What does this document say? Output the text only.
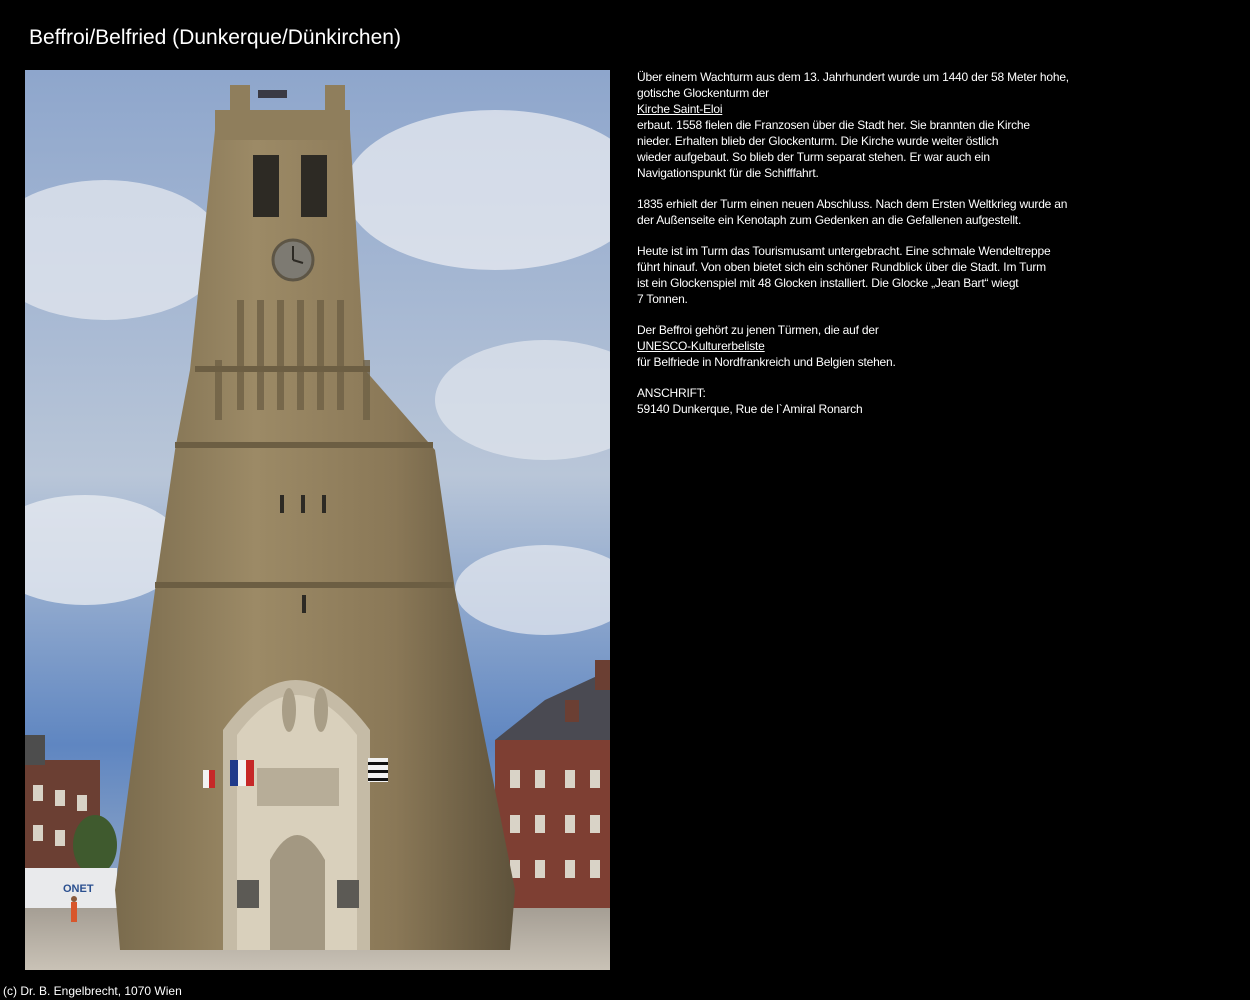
Beffroi/Belfried (Dunkerque/Dünkirchen)
ONET

Über einem Wachturm aus dem 13. Jahrhundert wurde um 1440 der 58 Meter hohe,
gotische Glockenturm der
Kirche Saint-Eloi
erbaut. 1558 fielen die Franzosen über die Stadt her. Sie brannten die Kirche
nieder. Erhalten blieb der Glockenturm. Die Kirche wurde weiter östlich
wieder aufgebaut. So blieb der Turm separat stehen. Er war auch ein
Navigationspunkt für die Schifffahrt.

1835 erhielt der Turm einen neuen Abschluss. Nach dem Ersten Weltkrieg wurde an
der Außenseite ein Kenotaph zum Gedenken an die Gefallenen aufgestellt.

Heute ist im Turm das Tourismusamt untergebracht. Eine schmale Wendeltreppe
führt hinauf. Von oben bietet sich ein schöner Rundblick über die Stadt. Im Turm
ist ein Glockenspiel mit 48 Glocken installiert. Die Glocke „Jean Bart“ wiegt
7 Tonnen.

Der Beffroi gehört zu jenen Türmen, die auf der
UNESCO-Kulturerbeliste
für Belfriede in Nordfrankreich und Belgien stehen.

ANSCHRIFT:
59140 Dunkerque, Rue de l`Amiral Ronarch

(c) Dr. B. Engelbrecht, 1070 Wien
